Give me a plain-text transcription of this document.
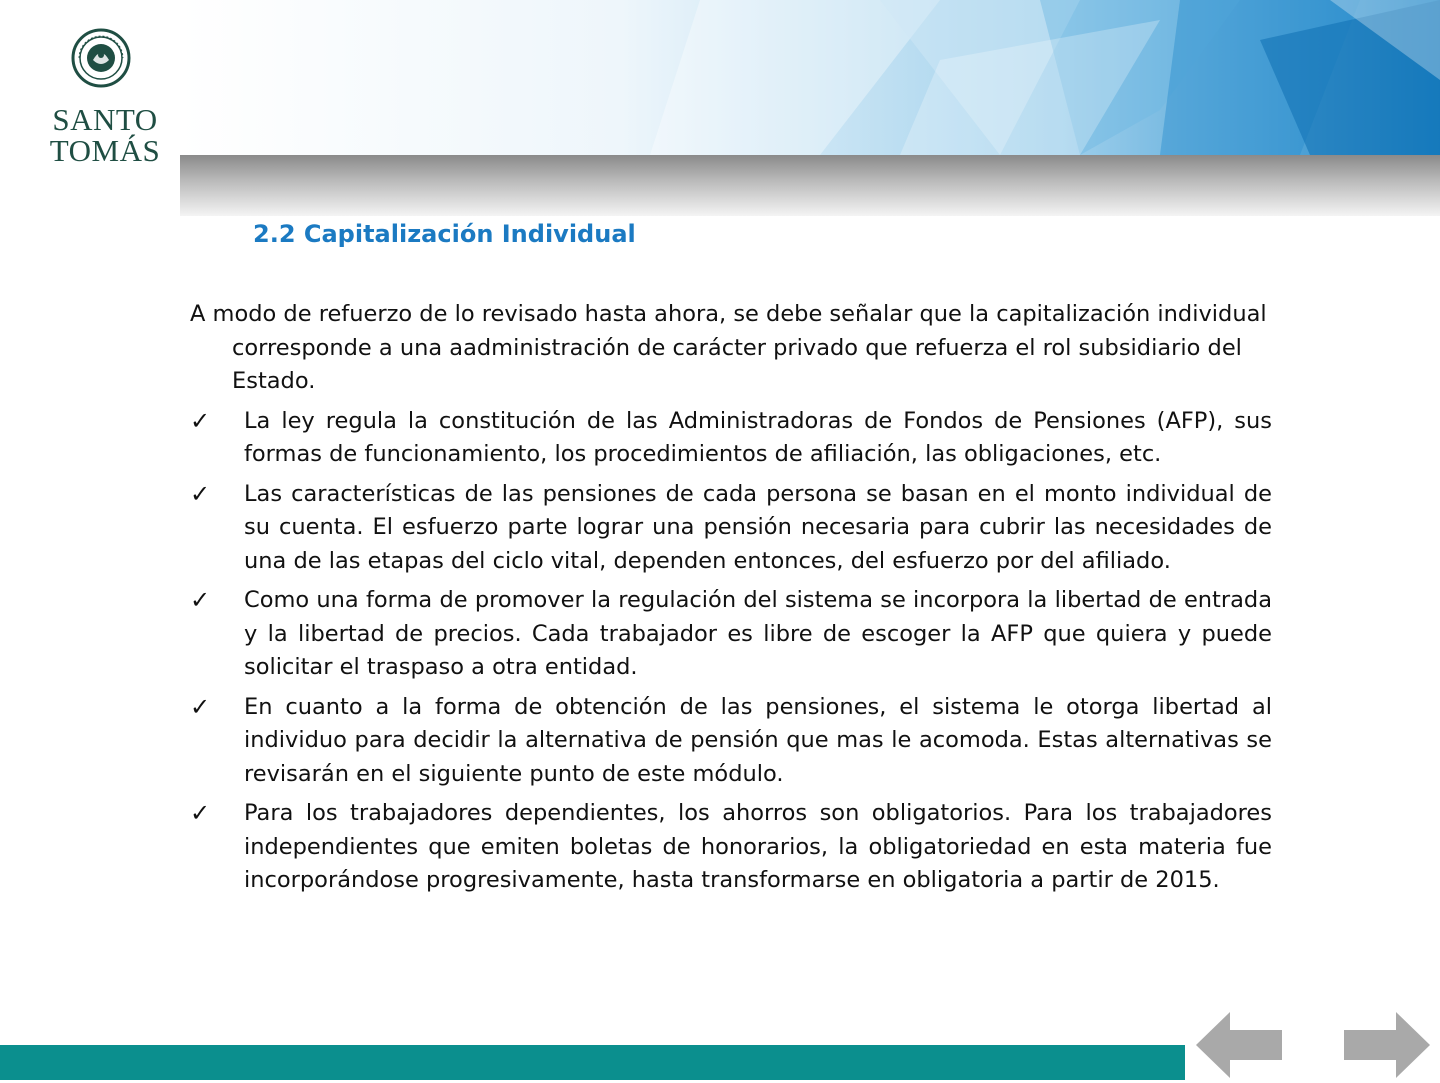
SANTO
TOMÁS
2.2 Capitalización Individual

A modo de refuerzo de lo revisado hasta ahora, se debe señalar que la capitalización individual corresponde a una aadministración de carácter privado que refuerza el rol subsidiario del Estado.

✓ La ley regula la constitución de las Administradoras de Fondos de Pensiones (AFP), sus formas de funcionamiento, los procedimientos de afiliación, las obligaciones, etc.
✓ Las características de las pensiones de cada persona se basan en el monto individual de su cuenta. El esfuerzo parte lograr una pensión necesaria para cubrir las necesidades de una de las etapas del ciclo vital, dependen entonces, del esfuerzo por del afiliado.
✓ Como una forma de promover la regulación del sistema se incorpora la libertad de entrada y la libertad de precios. Cada trabajador es libre de escoger la AFP que quiera y puede solicitar el traspaso a otra entidad.
✓ En cuanto a la forma de obtención de las pensiones, el sistema le otorga libertad al individuo para decidir la alternativa de pensión que mas le acomoda. Estas alternativas se revisarán en el siguiente punto de este módulo.
✓ Para los trabajadores dependientes, los ahorros son obligatorios. Para los trabajadores independientes que emiten boletas de honorarios, la obligatoriedad en esta materia fue incorporándose progresivamente, hasta transformarse en obligatoria a partir de 2015.
